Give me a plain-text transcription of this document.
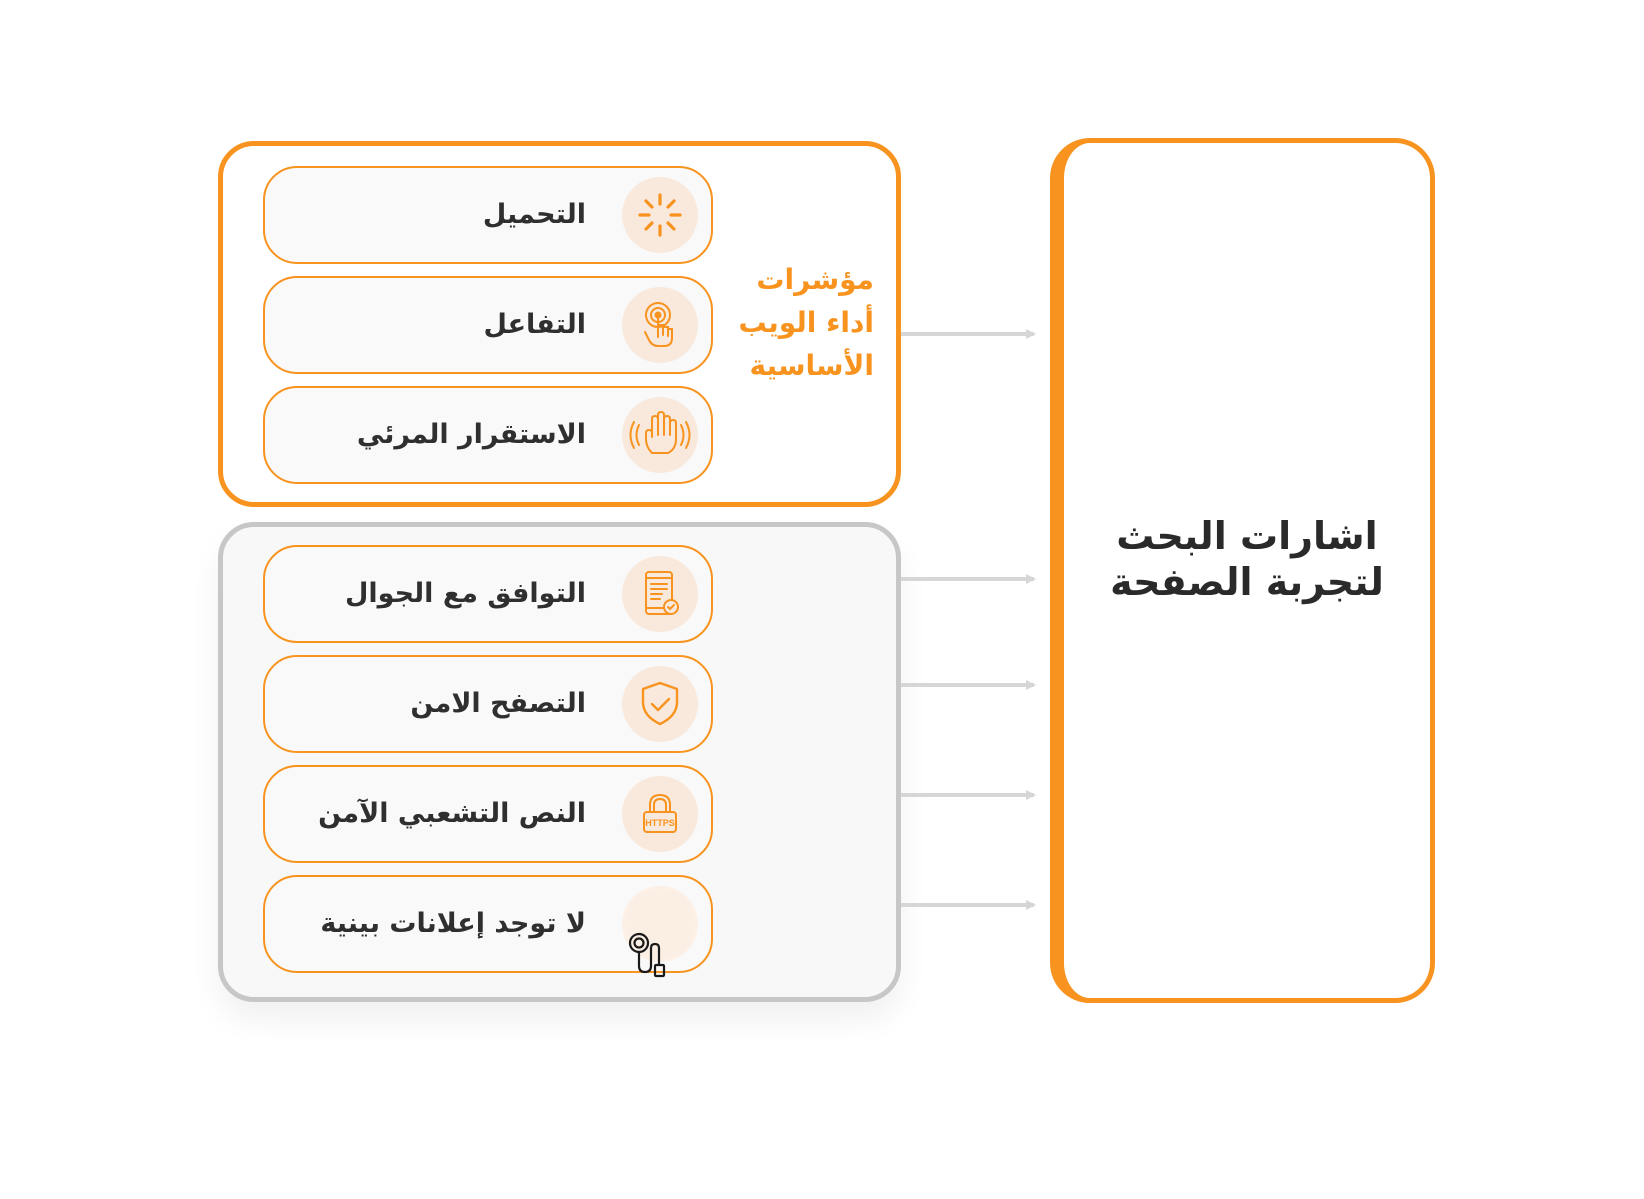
مؤشرات
أداء الويب
الأساسية
التحميل
التفاعل
الاستقرار المرئي
التوافق مع الجوال
التصفح الامن
HTTPS
النص التشعبي الآمن
لا توجد إعلانات بينية
اشارات البحث
لتجربة الصفحة
